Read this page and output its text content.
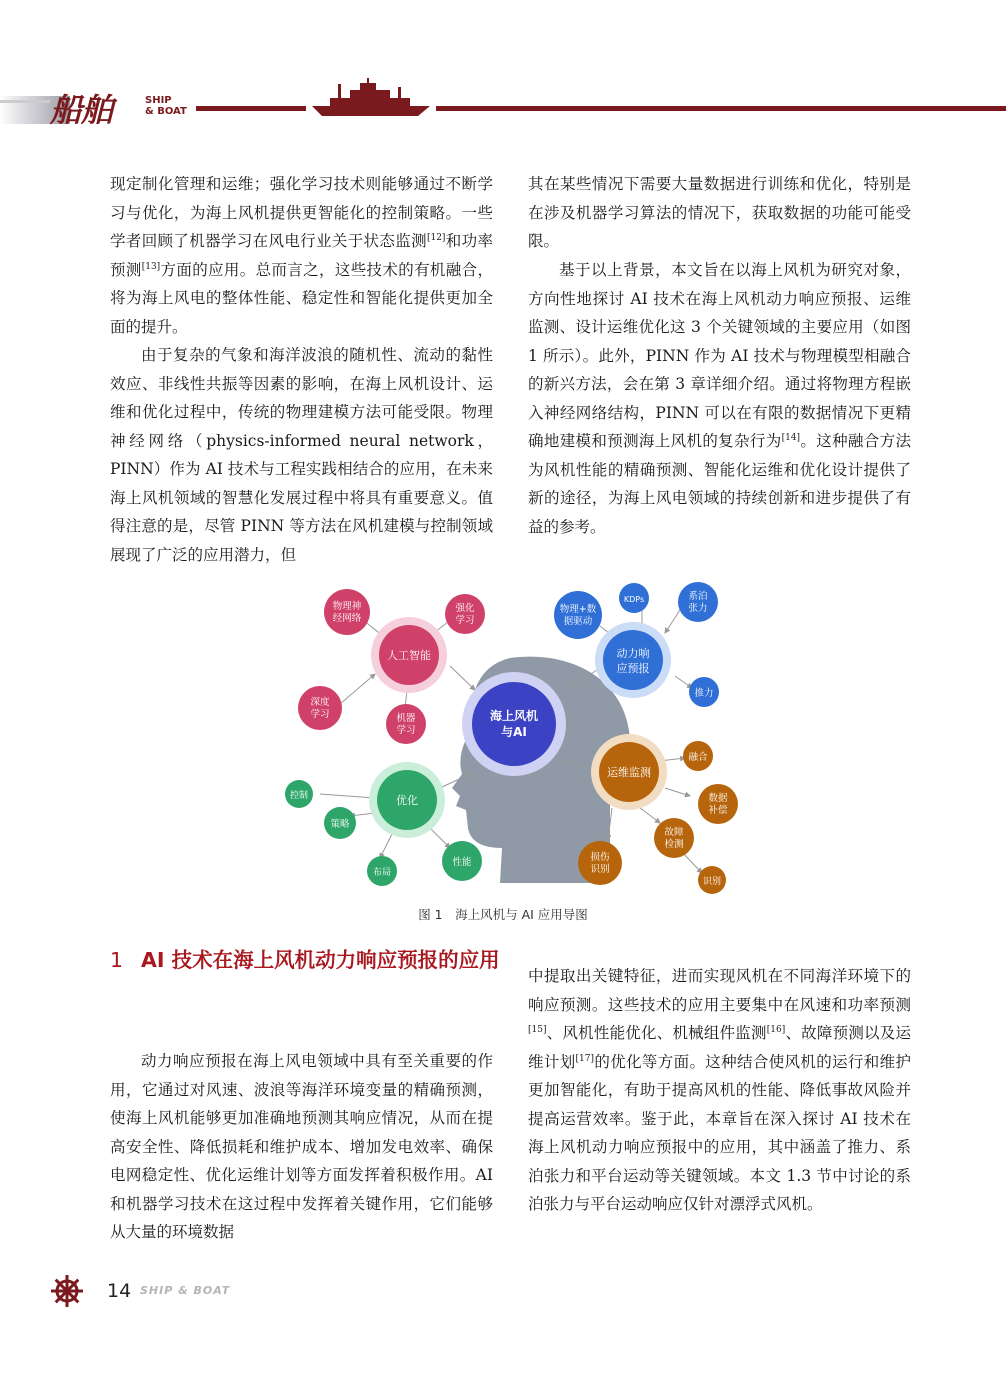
船舶	SHIP
& BOAT
现定制化管理和运维；强化学习技术则能够通过不断学习与优化，为海上风机提供更智能化的控制策略。一些学者回顾了机器学习在风电行业关于状态监测[12]和功率预测[13]方面的应用。总而言之，这些技术的有机融合，将为海上风电的整体性能、稳定性和智能化提供更加全面的提升。
由于复杂的气象和海洋波浪的随机性、流动的黏性效应、非线性共振等因素的影响，在海上风机设计、运维和优化过程中，传统的物理建模方法可能受限。物理神经网络（physics-informed neural network，PINN）作为 AI 技术与工程实践相结合的应用，在未来海上风机领域的智慧化发展过程中将具有重要意义。值得注意的是，尽管 PINN 等方法在风机建模与控制领域展现了广泛的应用潜力，但
其在某些情况下需要大量数据进行训练和优化，特别是在涉及机器学习算法的情况下，获取数据的功能可能受限。
基于以上背景，本文旨在以海上风机为研究对象，方向性地探讨 AI 技术在海上风机动力响应预报、运维监测、设计运维优化这 3 个关键领域的主要应用（如图 1 所示）。此外，PINN 作为 AI 技术与物理模型相融合的新兴方法，会在第 3 章详细介绍。通过将物理方程嵌入神经网络结构，PINN 可以在有限的数据情况下更精确地建模和预测海上风机的复杂行为[14]。这种融合方法为风机性能的精确预测、智能化运维和优化设计提供了新的途径，为海上风电领域的持续创新和进步提供了有益的参考。
海上风机
与AI
人工智能
物理神
经网络
强化
学习
深度
学习	机器
学习
动力响
应预报
物理+数
据驱动
KDPs	系泊
张力
推力
运维监测
融合
数据
补偿
故障
检测
损伤
识别
识别
优化
控制
策略
布局
性能
图 1　海上风机与 AI 应用导图
1 AI 技术在海上风机动力响应预报的应用
动力响应预报在海上风电领域中具有至关重要的作用，它通过对风速、波浪等海洋环境变量的精确预测，使海上风机能够更加准确地预测其响应情况，从而在提高安全性、降低损耗和维护成本、增加发电效率、确保电网稳定性、优化运维计划等方面发挥着积极作用。AI 和机器学习技术在这过程中发挥着关键作用，它们能够从大量的环境数据
中提取出关键特征，进而实现风机在不同海洋环境下的响应预测。这些技术的应用主要集中在风速和功率预测[15]、风机性能优化、机械组件监测[16]、故障预测以及运维计划[17]的优化等方面。这种结合使风机的运行和维护更加智能化，有助于提高风机的性能、降低事故风险并提高运营效率。鉴于此，本章旨在深入探讨 AI 技术在海上风机动力响应预报中的应用，其中涵盖了推力、系泊张力和平台运动等关键领域。本文 1.3 节中讨论的系泊张力与平台运动响应仅针对漂浮式风机。
14 SHIP & BOAT
